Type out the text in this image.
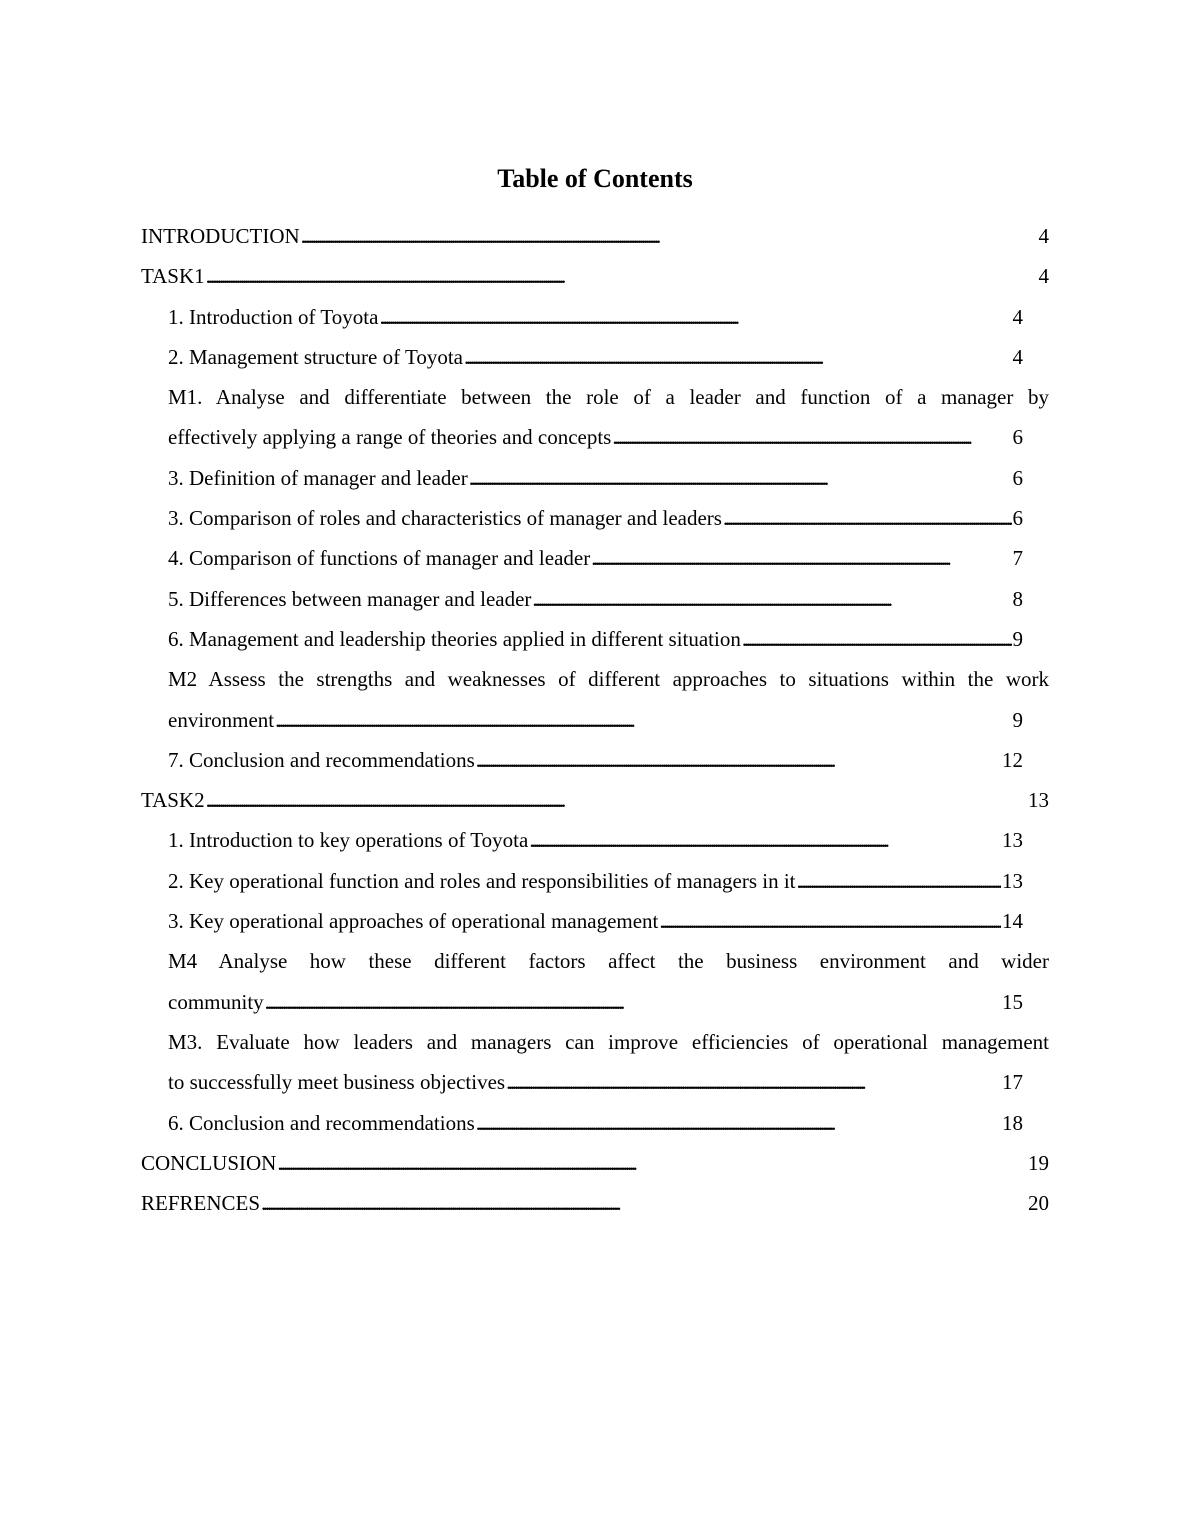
Table of Contents
INTRODUCTION . . .	4
TASK1 . . .	4
1. Introduction of Toyota . . .	4
2. Management structure of Toyota . . .	4
M1. Analyse and differentiate between the role of a leader and function of a manager by
effectively applying a range of theories and concepts . . .	6
3. Definition of manager and leader . . .	6
3. Comparison of roles and characteristics of manager and leaders . . .	6
4. Comparison of functions of manager and leader . . .	7
5. Differences between manager and leader . . .	8
6. Management and leadership theories applied in different situation . . .	9
M2 Assess the strengths and weaknesses of different approaches to situations within the work
environment . . .	9
7. Conclusion and recommendations . . .	12
TASK2 . . .	13
1. Introduction to key operations of Toyota . . .	13
2. Key operational function and roles and responsibilities of managers in it . . .	13
3. Key operational approaches of operational management . . .	14
M4 Analyse how these different factors affect the business environment and wider
community . . .	15
M3. Evaluate how leaders and managers can improve efficiencies of operational management
to successfully meet business objectives . . .	17
6. Conclusion and recommendations . . .	18
CONCLUSION . . .	19
REFRENCES . . .	20
